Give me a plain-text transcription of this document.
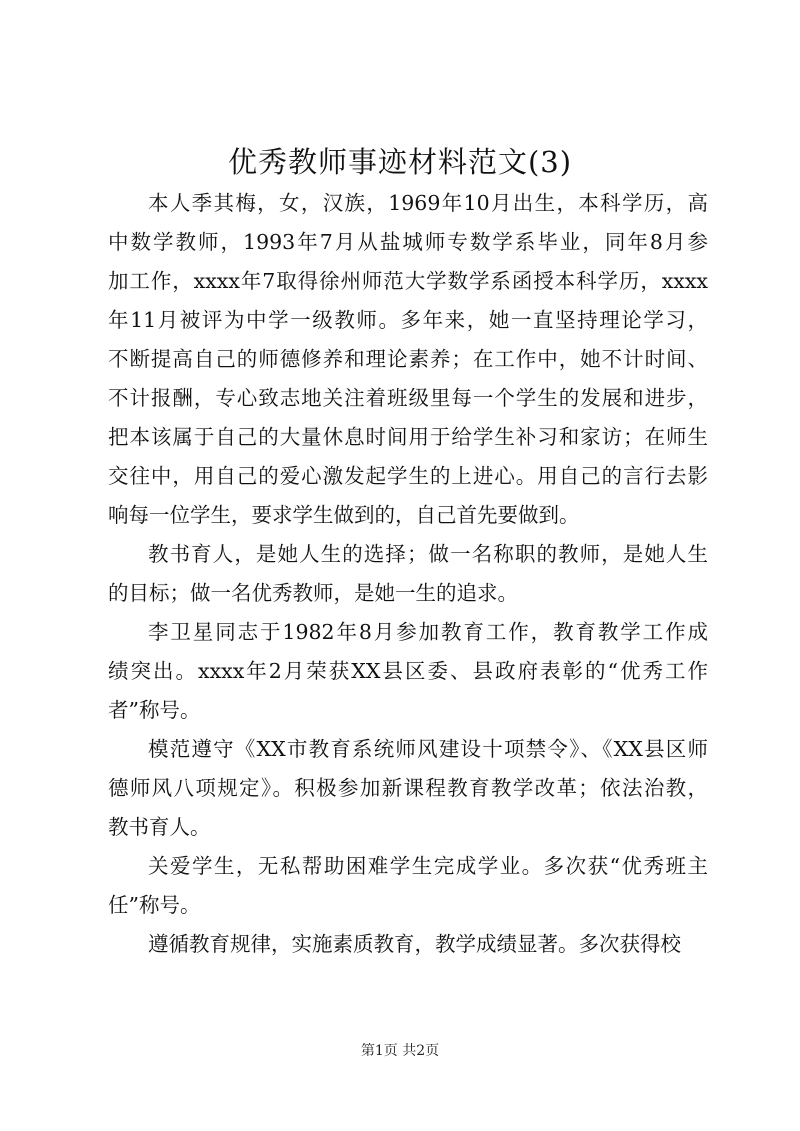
优秀教师事迹材料范文(3)
本人季其梅，女，汉族，1969年10月出生，本科学历，高
中数学教师，1993年7月从盐城师专数学系毕业，同年8月参
加工作，xxxx年7取得徐州师范大学数学系函授本科学历，xxxx
年11月被评为中学一级教师。多年来，她一直坚持理论学习，
不断提高自己的师德修养和理论素养；在工作中，她不计时间、
不计报酬，专心致志地关注着班级里每一个学生的发展和进步，
把本该属于自己的大量休息时间用于给学生补习和家访；在师生
交往中，用自己的爱心激发起学生的上进心。用自己的言行去影
响每一位学生，要求学生做到的，自己首先要做到。
教书育人，是她人生的选择；做一名称职的教师，是她人生
的目标；做一名优秀教师，是她一生的追求。
李卫星同志于1982年8月参加教育工作，教育教学工作成
绩突出。xxxx年2月荣获XX县区委、县政府表彰的“优秀工作
者”称号。
模范遵守《XX市教育系统师风建设十项禁令》、《XX县区师
德师风八项规定》。积极参加新课程教育教学改革；依法治教，
教书育人。
关爱学生，无私帮助困难学生完成学业。多次获“优秀班主
任”称号。
遵循教育规律，实施素质教育，教学成绩显著。多次获得校
第1页 共2页
